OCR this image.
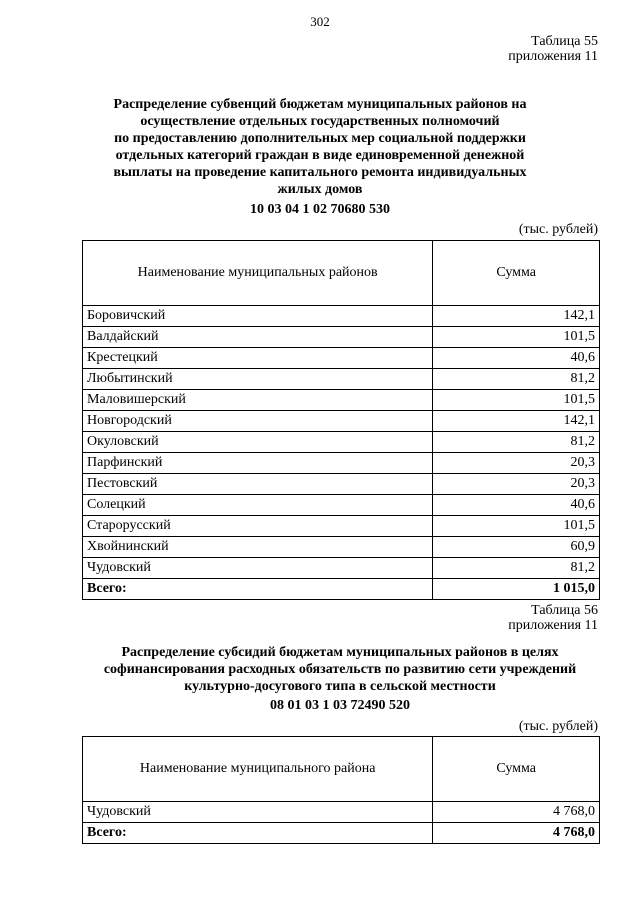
302
Таблица 55
приложения 11
Распределение субвенций бюджетам муниципальных районов на
осуществление отдельных государственных полномочий
по предоставлению дополнительных мер социальной поддержки
отдельных категорий граждан в виде единовременной денежной
выплаты на проведение капитального ремонта индивидуальных
жилых домов
10 03 04 1 02 70680 530
(тыс. рублей)
Наименование муниципальных районов	Сумма
Боровичский	142,1
Валдайский	101,5
Крестецкий	40,6
Любытинский	81,2
Маловишерский	101,5
Новгородский	142,1
Окуловский	81,2
Парфинский	20,3
Пестовский	20,3
Солецкий	40,6
Старорусский	101,5
Хвойнинский	60,9
Чудовский	81,2
Всего:	1 015,0
Таблица 56
приложения 11
Распределение субсидий бюджетам муниципальных районов в целях
софинансирования расходных обязательств по развитию сети учреждений
культурно-досугового типа в сельской местности
08 01 03 1 03 72490 520
(тыс. рублей)
Наименование муниципального района	Сумма
Чудовский	4 768,0
Всего:	4 768,0
